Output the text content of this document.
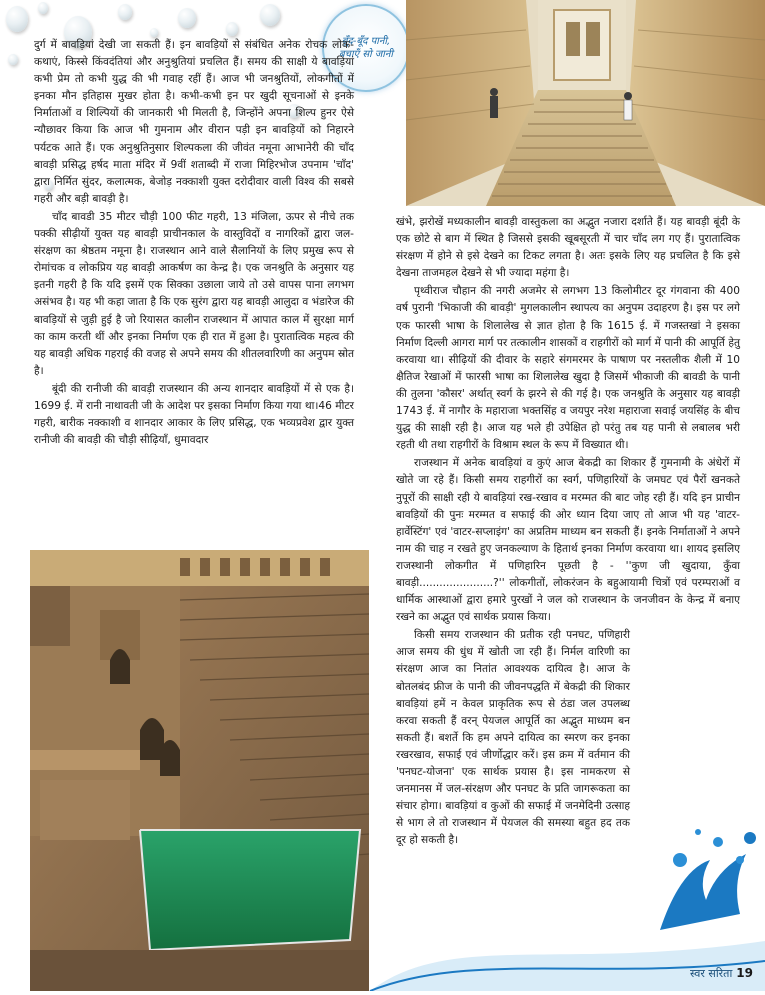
बूँद-बूँद पानी, बचाएँ सो जानी

दुर्ग में बावड़ियां देखी जा सकती हैं। इन बावड़ियों से संबंधित अनेक रोचक लोक-कथाएं, किस्से किंवदंतियां और अनुश्रुतियां प्रचलित हैं। समय की साक्षी ये बावड़ियां कभी प्रेम तो कभी युद्ध की भी गवाह रहीं हैं। आज भी जनश्रुतियों, लोकगीतों में इनका मौन इतिहास मुखर होता है। कभी-कभी इन पर खुदी सूचनाओं से इनके निर्माताओं व शिल्पियों की जानकारी भी मिलती है, जिन्होंने अपना शिल्प हुनर ऐसे न्यौछावर किया कि आज भी गुमनाम और वीरान पड़ी इन बावड़ियों को निहारने पर्यटक आते हैं। एक अनुश्रुतिनुसार शिल्पकला की जीवंत नमूना आभानेरी की चाँद बावड़ी प्रसिद्ध हर्षद माता मंदिर में 9वीं शताब्दी में राजा मिहिरभोज उपनाम 'चाँद' द्वारा निर्मित सुंदर, कलात्मक, बेजोड़ नक्काशी युक्त दरोदीवार वाली विश्व की सबसे गहरी और बड़ी बावड़ी है।

चाँद बावडी 35 मीटर चौड़ी 100 फीट गहरी, 13 मंजिला, ऊपर से नीचे तक पक्की सीढ़ीयों युक्त यह बावड़ी प्राचीनकाल के वास्तुविदों व नागरिकों द्वारा जल-संरक्षण का श्रेष्ठतम नमूना है। राजस्थान आने वाले सैलानियों के लिए प्रमुख रूप से रोमांचक व लोकप्रिय यह बावड़ी आकर्षण का केन्द्र है। एक जनश्रुति के अनुसार यह इतनी गहरी है कि यदि इसमें एक सिक्का उछाला जाये तो उसे वापस पाना लगभग असंभव है। यह भी कहा जाता है कि एक सुरंग द्वारा यह बावड़ी आलुदा व भंडारेज की बावड़ियों से जुड़ी हुई है जो रियासत कालीन राजस्थान में आपात काल में सुरक्षा मार्ग का काम करती थीं और इनका निर्माण एक ही रात में हुआ है। पुरातात्विक महत्व की यह बावड़ी अधिक गहराई की वजह से अपने समय की शीतलवारिणी का अनुपम स्रोत है।

बूंदी की रानीजी की बावड़ी राजस्थान की अन्य शानदार बावड़ियों में से एक है। 1699 ई. में रानी नाथावती जी के आदेश पर इसका निर्माण किया गया था।46 मीटर गहरी, बारीक नक्काशी व शानदार आकार के लिए प्रसिद्ध, एक भव्यप्रवेश द्वार युक्त रानीजी की बावड़ी की चौड़ी सीढ़ियाँ, धुमावदार

खंभे, झरोखें मध्यकालीन बावड़ी वास्तुकला का अद्भुत नजारा दर्शाते हैं। यह बावड़ी बूंदी के एक छोटे से बाग में स्थित है जिससे इसकी खूबसूरती में चार चाँद लग गए हैं। पुरातात्विक संरक्षण में होने से इसे देखने का टिकट लगता है। अतः इसके लिए यह प्रचलित है कि इसे देखना ताजमहल देखने से भी ज्यादा महंगा है।

पृथ्वीराज चौहान की नगरी अजमेर से लगभग 13 किलोमीटर दूर गंगवाना की 400 वर्ष पुरानी 'भिकाजी की बावड़ी' मुगलकालीन स्थापत्य का अनुपम उदाहरण है। इस पर लगे एक फारसी भाषा के शिलालेख से ज्ञात होता है कि 1615 ई. में गजस्तखां ने इसका निर्माण दिल्ली आगरा मार्ग पर तत्कालीन शासकों व राहगीरों को मार्ग में पानी की आपूर्ति हेतु करवाया था। सीढ़ियों की दीवार के सहारे संगमरमर के पाषाण पर नस्तलीक शैली में 10 क्षैतिज रेखाओं में फारसी भाषा का शिलालेख खुदा है जिसमें भीकाजी की बावडी के पानी की तुलना 'कौसर' अर्थात् स्वर्ग के झरने से की गई है। एक जनश्रुति के अनुसार यह बावड़ी 1743 ई. में नागौर के महाराजा भक्तसिंह व जयपुर नरेश महाराजा सवाई जयसिंह के बीच युद्ध की साक्षी रही है। आज यह भले ही उपेक्षित हो परंतु तब यह पानी से लबालब भरी रहती थी तथा राहगीरों के विश्राम स्थल के रूप में विख्यात थी।

राजस्थान में अनेक बावड़ियां व कुएं आज बेकद्री का शिकार हैं गुमनामी के अंधेरों में खोते जा रहे हैं। किसी समय राहगीरों का स्वर्ग, पणिहारियों के जमघट एवं पैरों खनकते नुपूरों की साक्षी रही ये बावड़ियां रख-रखाव व मरम्मत की बाट जोह रही हैं। यदि इन प्राचीन बावड़ियों की पुनः मरम्मत व सफाई की ओर ध्यान दिया जाए तो आज भी यह 'वाटर-हार्वेस्टिंग' एवं 'वाटर-सप्लाइंग' का अप्रतिम माध्यम बन सकती हैं। इनके निर्माताओं ने अपने नाम की चाह न रखते हुए जनकल्याण के हितार्थ इनका निर्माण करवाया था। शायद इसलिए राजस्थानी लोकगीत में पणिहारिन पूछती है - ''कुण जी खुदाया, कुँवा बावड़ी......................?'' लोकगीतों, लोकरंजन के बहुआयामी चित्रों एवं परम्पराओं व धार्मिक आस्थाओं द्वारा हमारे पुरखों ने जल को राजस्थान के जनजीवन के केन्द्र में बनाए रखने का अद्भुत एवं सार्थक प्रयास किया।

किसी समय राजस्थान की प्रतीक रही पनघट, पणिहारी आज समय की धुंध में खोती जा रही हैं। निर्मल वारिणी का संरक्षण आज का नितांत आवश्यक दायित्व है। आज के बोतलबंद फ्रीज के पानी की जीवनपद्धति में बेकद्री की शिकार बावड़ियां हमें न केवल प्राकृतिक रूप से ठंडा जल उपलब्ध करवा सकती हैं वरन् पेयजल आपूर्ति का अद्भुत माध्यम बन सकती हैं। बशर्ते कि हम अपने दायित्व का स्मरण कर इनका रखरखाव, सफाई एवं जीर्णोद्धार करें। इस क्रम में वर्तमान की 'पनघट-योजना' एक सार्थक प्रयास है। इस नामकरण से जनमानस में जल-संरक्षण और पनघट के प्रति जागरूकता का संचार होगा। बावड़ियां व कुओं की सफाई में जनमेदिनी उत्साह से भाग ले तो राजस्थान में पेयजल की समस्या बहुत हद तक दूर हो सकती है।

स्वर सरिता 19
